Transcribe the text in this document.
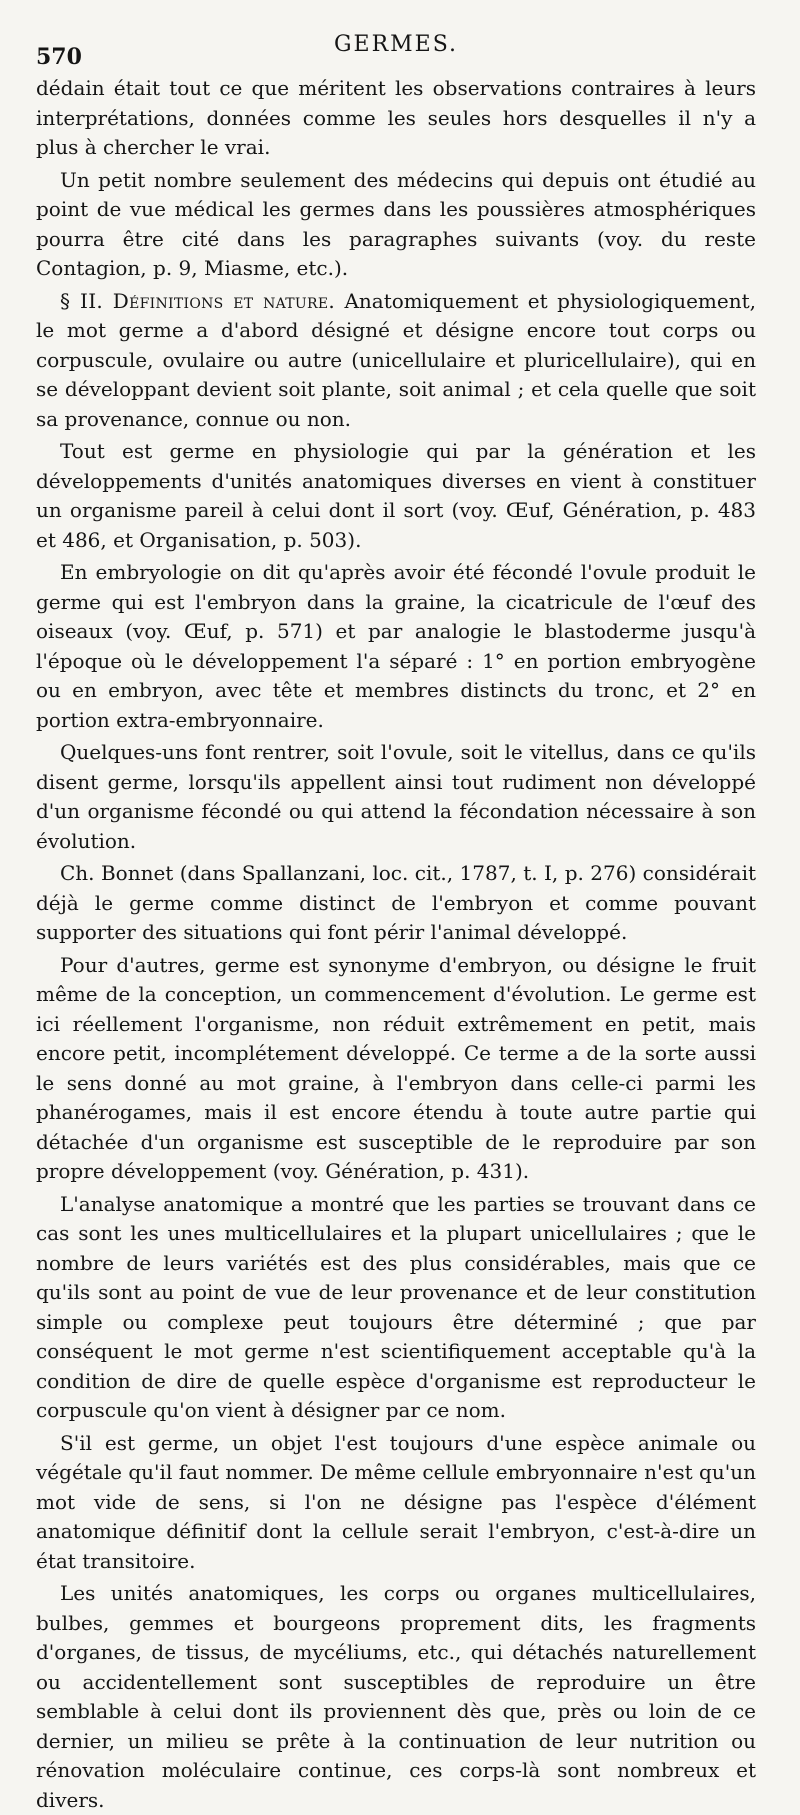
570	GERMES.

dédain était tout ce que méritent les observations contraires à leurs interprétations, données comme les seules hors desquelles il n'y a plus à chercher le vrai.

Un petit nombre seulement des médecins qui depuis ont étudié au point de vue médical les germes dans les poussières atmosphériques pourra être cité dans les paragraphes suivants (voy. du reste Contagion, p. 9, Miasme, etc.).

§ II. Définitions et nature. Anatomiquement et physiologiquement, le mot germe a d'abord désigné et désigne encore tout corps ou corpuscule, ovulaire ou autre (unicellulaire et pluricellulaire), qui en se développant devient soit plante, soit animal ; et cela quelle que soit sa provenance, connue ou non.

Tout est germe en physiologie qui par la génération et les développements d'unités anatomiques diverses en vient à constituer un organisme pareil à celui dont il sort (voy. Œuf, Génération, p. 483 et 486, et Organisation, p. 503).

En embryologie on dit qu'après avoir été fécondé l'ovule produit le germe qui est l'embryon dans la graine, la cicatricule de l'œuf des oiseaux (voy. Œuf, p. 571) et par analogie le blastoderme jusqu'à l'époque où le développement l'a séparé : 1° en portion embryogène ou en embryon, avec tête et membres distincts du tronc, et 2° en portion extra-embryonnaire.

Quelques-uns font rentrer, soit l'ovule, soit le vitellus, dans ce qu'ils disent germe, lorsqu'ils appellent ainsi tout rudiment non développé d'un organisme fécondé ou qui attend la fécondation nécessaire à son évolution.

Ch. Bonnet (dans Spallanzani, loc. cit., 1787, t. I, p. 276) considérait déjà le germe comme distinct de l'embryon et comme pouvant supporter des situations qui font périr l'animal développé.

Pour d'autres, germe est synonyme d'embryon, ou désigne le fruit même de la conception, un commencement d'évolution. Le germe est ici réellement l'organisme, non réduit extrêmement en petit, mais encore petit, incomplétement développé. Ce terme a de la sorte aussi le sens donné au mot graine, à l'embryon dans celle-ci parmi les phanérogames, mais il est encore étendu à toute autre partie qui détachée d'un organisme est susceptible de le reproduire par son propre développement (voy. Génération, p. 431).

L'analyse anatomique a montré que les parties se trouvant dans ce cas sont les unes multicellulaires et la plupart unicellulaires ; que le nombre de leurs variétés est des plus considérables, mais que ce qu'ils sont au point de vue de leur provenance et de leur constitution simple ou complexe peut toujours être déterminé ; que par conséquent le mot germe n'est scientifiquement acceptable qu'à la condition de dire de quelle espèce d'organisme est reproducteur le corpuscule qu'on vient à désigner par ce nom.

S'il est germe, un objet l'est toujours d'une espèce animale ou végétale qu'il faut nommer. De même cellule embryonnaire n'est qu'un mot vide de sens, si l'on ne désigne pas l'espèce d'élément anatomique définitif dont la cellule serait l'embryon, c'est-à-dire un état transitoire.

Les unités anatomiques, les corps ou organes multicellulaires, bulbes, gemmes et bourgeons proprement dits, les fragments d'organes, de tissus, de mycéliums, etc., qui détachés naturellement ou accidentellement sont susceptibles de reproduire un être semblable à celui dont ils proviennent dès que, près ou loin de ce dernier, un milieu se prête à la continuation de leur nutrition ou rénovation moléculaire continue, ces corps-là sont nombreux et divers.
